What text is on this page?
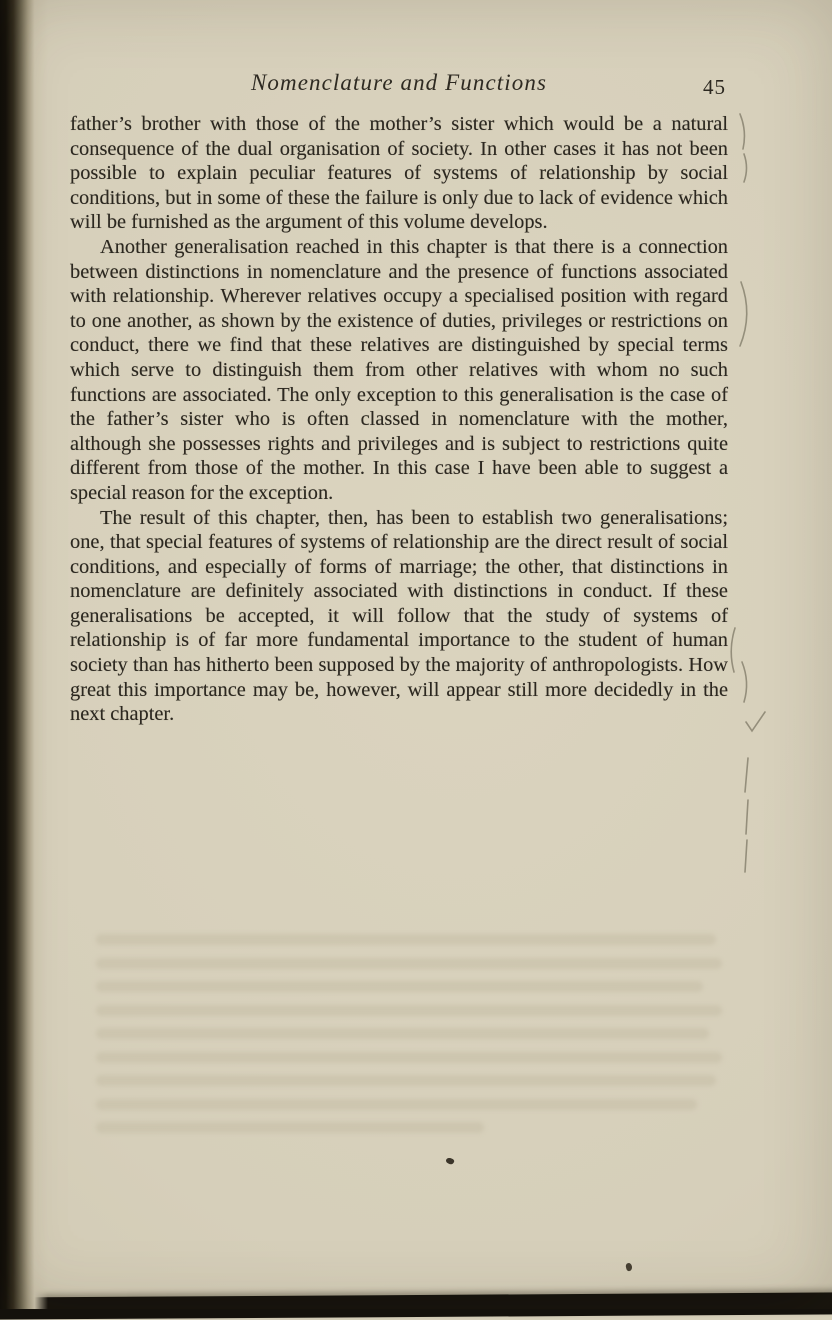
Nomenclature and Functions	45

father’s brother with those of the mother’s sister which would be a natural consequence of the dual organisation of society. In other cases it has not been possible to explain peculiar features of systems of relationship by social conditions, but in some of these the failure is only due to lack of evidence which will be furnished as the argument of this volume develops.

Another generalisation reached in this chapter is that there is a connection between distinctions in nomenclature and the presence of functions associated with relationship. Wherever relatives occupy a specialised position with regard to one another, as shown by the existence of duties, privileges or restrictions on conduct, there we find that these relatives are distinguished by special terms which serve to distinguish them from other relatives with whom no such functions are associated. The only exception to this generalisation is the case of the father’s sister who is often classed in nomenclature with the mother, although she possesses rights and privileges and is subject to restrictions quite different from those of the mother. In this case I have been able to suggest a special reason for the exception.

The result of this chapter, then, has been to establish two generalisations; one, that special features of systems of relationship are the direct result of social conditions, and especially of forms of marriage; the other, that distinctions in nomenclature are definitely associated with distinctions in conduct. If these generalisations be accepted, it will follow that the study of systems of relationship is of far more fundamental importance to the student of human society than has hitherto been supposed by the majority of anthropologists. How great this importance may be, however, will appear still more decidedly in the next chapter.
